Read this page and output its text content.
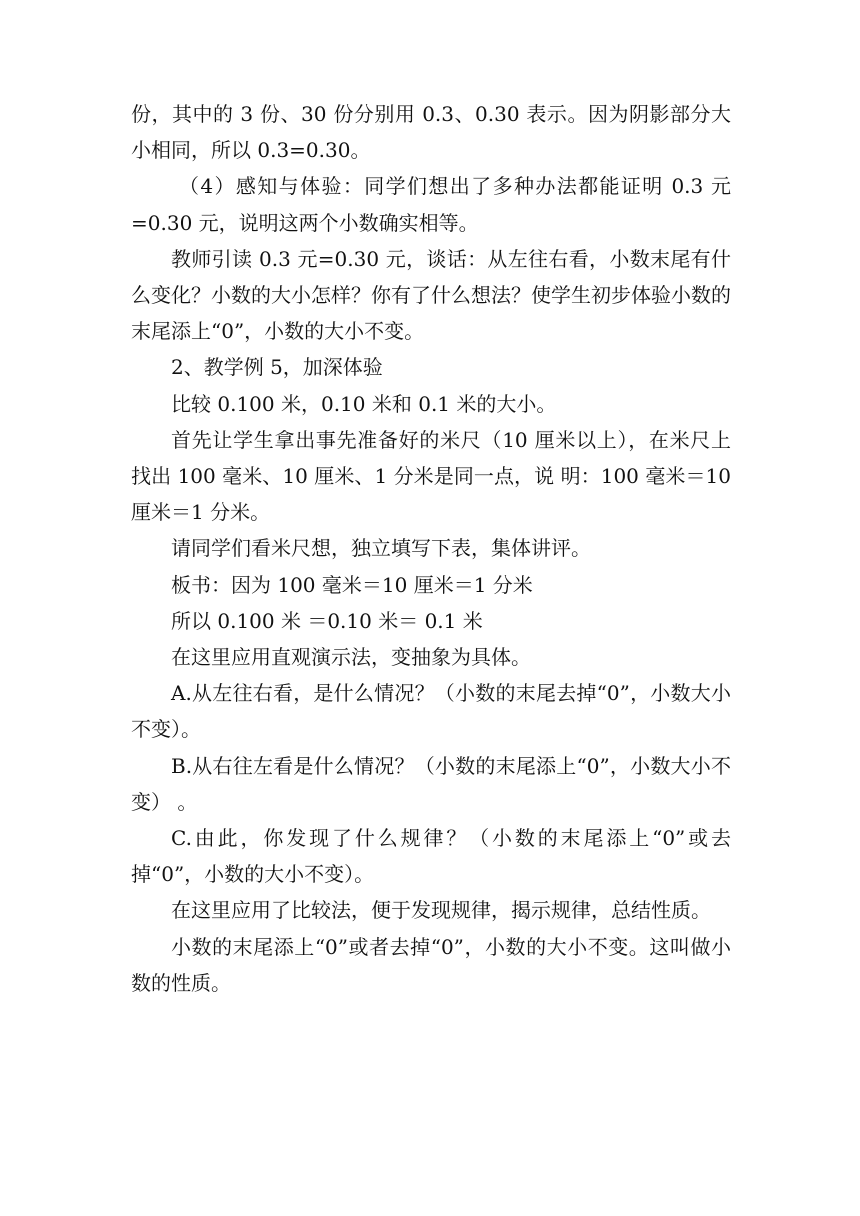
份，其中的 3 份、30 份分别用 0.3、0.30 表示。因为阴影部分大小相同，所以 0.3=0.30。

（4）感知与体验：同学们想出了多种办法都能证明 0.3 元=0.30 元，说明这两个小数确实相等。

教师引读 0.3 元=0.30 元，谈话：从左往右看，小数末尾有什么变化？小数的大小怎样？你有了什么想法？使学生初步体验小数的末尾添上“0”，小数的大小不变。

2、教学例 5，加深体验

比较 0.100 米，0.10 米和 0.1 米的大小。

首先让学生拿出事先准备好的米尺（10 厘米以上），在米尺上找出 100 毫米、10 厘米、1 分米是同一点，说 明：100 毫米＝10 厘米＝1 分米。

请同学们看米尺想，独立填写下表，集体讲评。

板书：因为 100 毫米＝10 厘米＝1 分米

所以 0.100 米 ＝0.10 米＝ 0.1 米

在这里应用直观演示法，变抽象为具体。

A.从左往右看，是什么情况？（小数的末尾去掉“0”，小数大小不变）。

B.从右往左看是什么情况？（小数的末尾添上“0”，小数大小不变） 。

C.由此，你发现了什么规律？（小数的末尾添上“0”或去掉“0”，小数的大小不变）。

在这里应用了比较法，便于发现规律，揭示规律，总结性质。

小数的末尾添上“0”或者去掉“0”，小数的大小不变。这叫做小数的性质。
